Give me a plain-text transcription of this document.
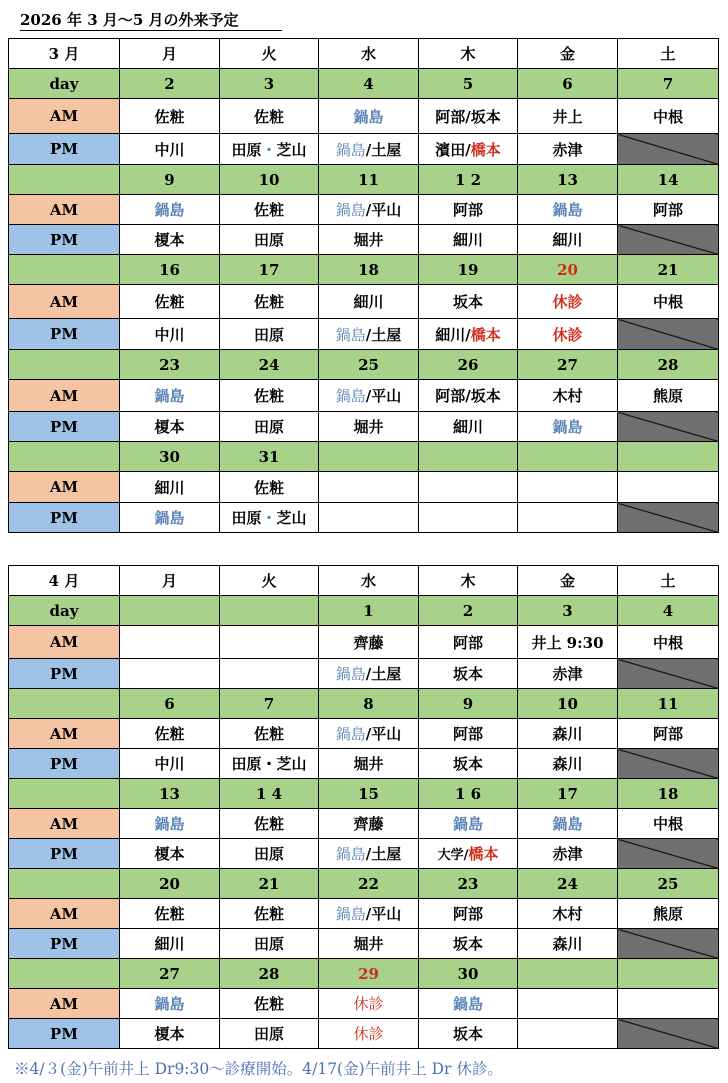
2026 年 3 月～5 月の外来予定
3 月	月	火	水	木	金	土
day	2	3	4	5	6	7
AM	佐粧	佐粧	鍋島	阿部/坂本	井上	中根
PM	中川	田原・芝山	鍋島/土屋	濱田/橋本	赤津	
	9	10	11	1 2	13	14
AM	鍋島	佐粧	鍋島/平山	阿部	鍋島	阿部
PM	榎本	田原	堀井	細川	細川	
	16	17	18	19	20	21
AM	佐粧	佐粧	細川	坂本	休診	中根
PM	中川	田原	鍋島/土屋	細川/橋本	休診	
	23	24	25	26	27	28
AM	鍋島	佐粧	鍋島/平山	阿部/坂本	木村	熊原
PM	榎本	田原	堀井	細川	鍋島	
	30	31				
AM	細川	佐粧				
PM	鍋島	田原・芝山				
4 月	月	火	水	木	金	土
day			1	2	3	4
AM			齊藤	阿部	井上 9:30	中根
PM			鍋島/土屋	坂本	赤津	
	6	7	8	9	10	11
AM	佐粧	佐粧	鍋島/平山	阿部	森川	阿部
PM	中川	田原・芝山	堀井	坂本	森川	
	13	1 4	15	1 6	17	18
AM	鍋島	佐粧	齊藤	鍋島	鍋島	中根
PM	榎本	田原	鍋島/土屋	大学/橋本	赤津	
	20	21	22	23	24	25
AM	佐粧	佐粧	鍋島/平山	阿部	木村	熊原
PM	細川	田原	堀井	坂本	森川	
	27	28	29	30		
AM	鍋島	佐粧	休診	鍋島		
PM	榎本	田原	休診	坂本		
※4/３(金)午前井上 Dr9:30～診療開始。4/17(金)午前井上 Dr 休診。
